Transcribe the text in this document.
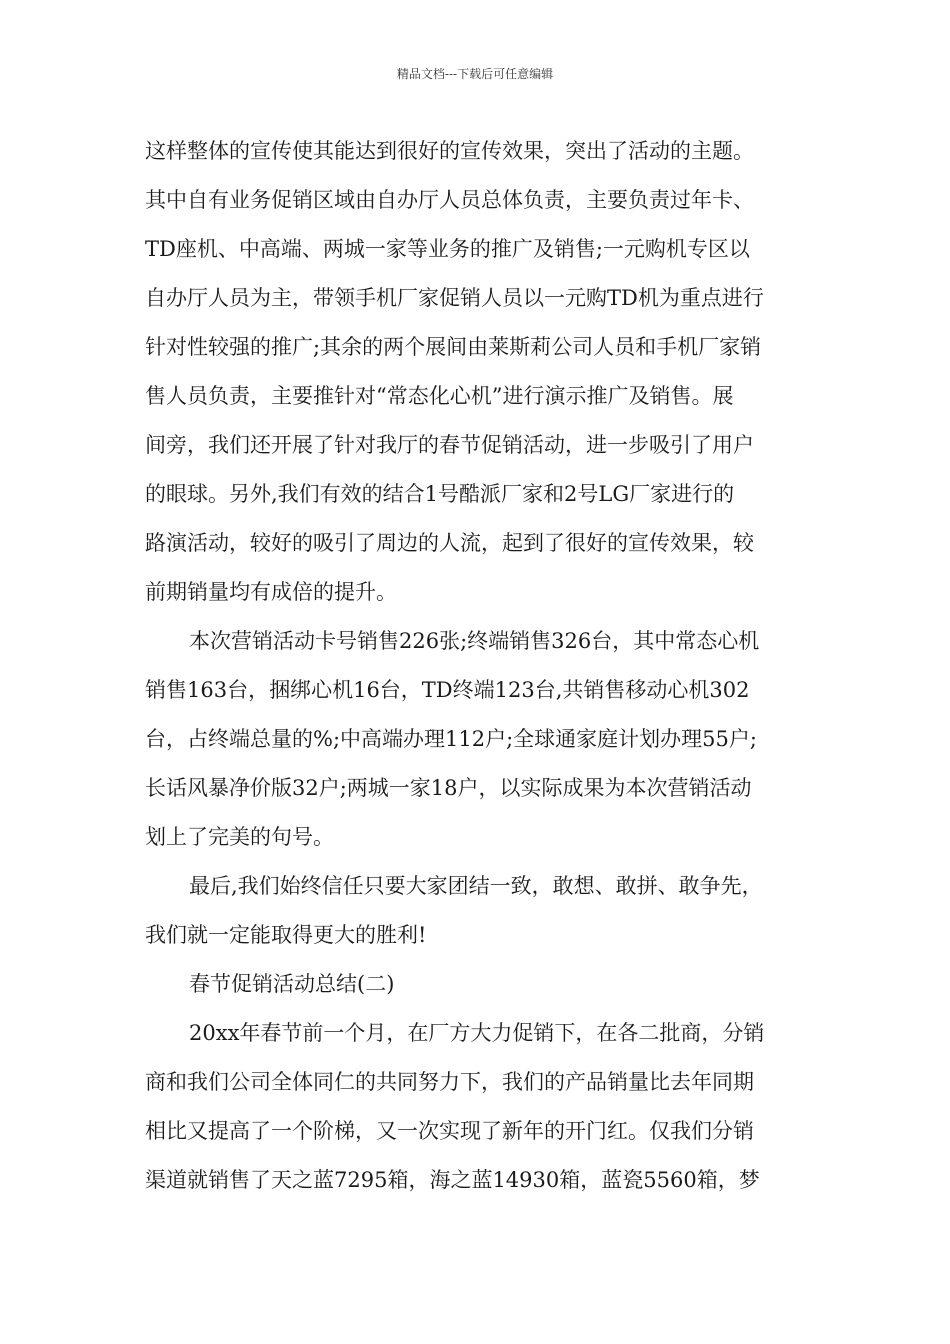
精品文档---下载后可任意编辑
这样整体的宣传使其能达到很好的宣传效果，突出了活动的主题。
其中自有业务促销区域由自办厅人员总体负责，主要负责过年卡、
TD座机、中高端、两城一家等业务的推广及销售;一元购机专区以
自办厅人员为主，带领手机厂家促销人员以一元购TD机为重点进行
针对性较强的推广;其余的两个展间由莱斯莉公司人员和手机厂家销
售人员负责，主要推针对“常态化心机”进行演示推广及销售。展
间旁，我们还开展了针对我厅的春节促销活动，进一步吸引了用户
的眼球。另外,我们有效的结合1号酷派厂家和2号LG厂家进行的
路演活动，较好的吸引了周边的人流，起到了很好的宣传效果，较
前期销量均有成倍的提升。
本次营销活动卡号销售226张;终端销售326台，其中常态心机
销售163台，捆绑心机16台，TD终端123台,共销售移动心机302
台，占终端总量的%;中高端办理112户;全球通家庭计划办理55户;
长话风暴净价版32户;两城一家18户，以实际成果为本次营销活动
划上了完美的句号。
最后,我们始终信任只要大家团结一致，敢想、敢拼、敢争先，
我们就一定能取得更大的胜利!
春节促销活动总结(二)
20xx年春节前一个月，在厂方大力促销下，在各二批商，分销
商和我们公司全体同仁的共同努力下，我们的产品销量比去年同期
相比又提高了一个阶梯，又一次实现了新年的开门红。仅我们分销
渠道就销售了天之蓝7295箱，海之蓝14930箱，蓝瓷5560箱，梦
